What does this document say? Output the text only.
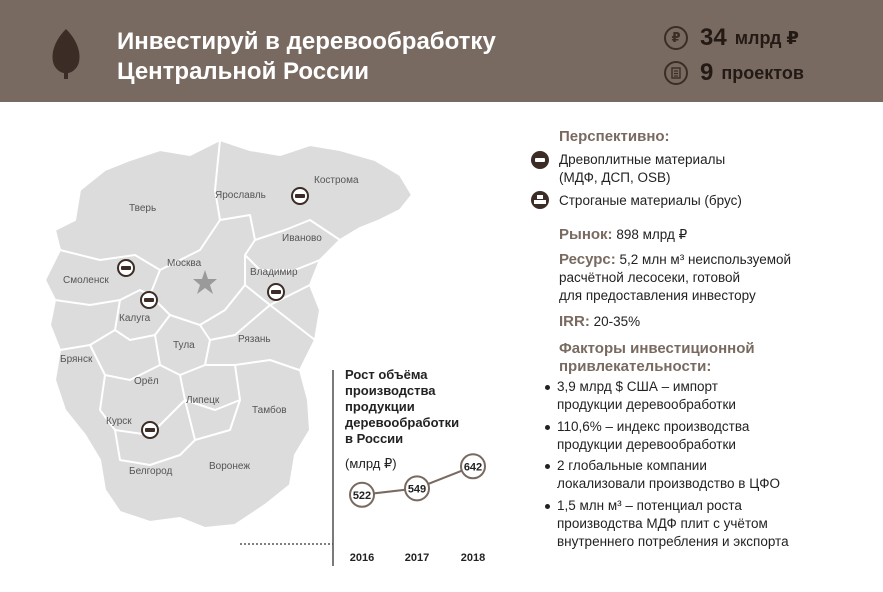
Инвестируй в деревообработку
Центральной России
₽ 34 млрд ₽
9 проектов
Тверь
Ярославль
Кострома
Иваново
Москва
Смоленск
Владимир
Калуга
Тула
Рязань
Брянск
Орёл
Липецк
Тамбов
Курск
Белгород	Воронеж
Рост объёма
производства
продукции
деревообработки
в России
(млрд ₽)
522
2016
549
2017
642
2018
Перспективно:
Древоплитные материалы
(МДФ, ДСП, OSB)
Строганые материалы (брус)
Рынок: 898 млрд ₽
Ресурс: 5,2 млн м³ неиспользуемой
расчётной лесосеки, готовой
для предоставления инвестору
IRR: 20-35%
Факторы инвестиционной
привлекательности:
3,9 млрд $ США – импорт
продукции деревообработки
110,6% – индекс производства
продукции деревообработки
2 глобальные компании
локализовали производство в ЦФО
1,5 млн м³ – потенциал роста
производства МДФ плит с учётом
внутреннего потребления и экспорта
